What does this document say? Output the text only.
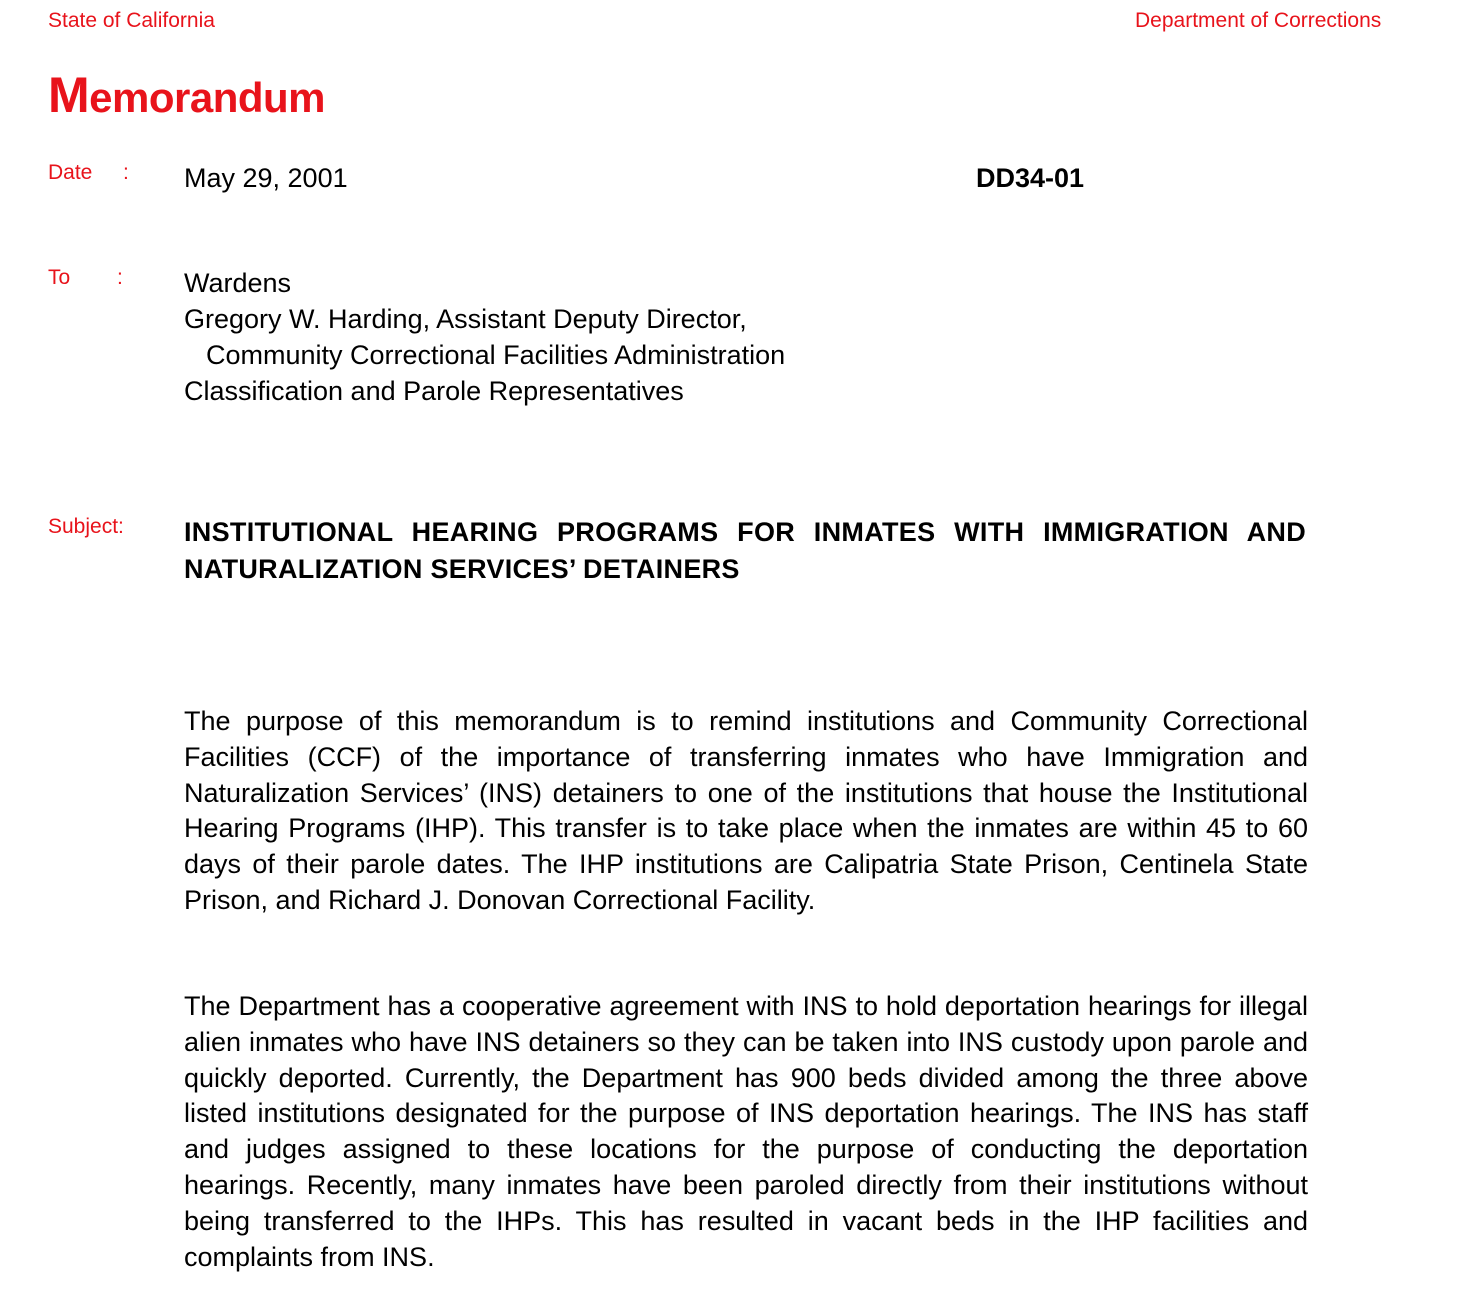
State of California	Department of Corrections
Memorandum
Date : May 29, 2001	DD34-01
To : Wardens
Gregory W. Harding, Assistant Deputy Director,
Community Correctional Facilities Administration
Classification and Parole Representatives
Subject: INSTITUTIONAL HEARING PROGRAMS FOR INMATES WITH IMMIGRATION AND NATURALIZATION SERVICES’ DETAINERS
The purpose of this memorandum is to remind institutions and Community Correctional Facilities (CCF) of the importance of transferring inmates who have Immigration and Naturalization Services’ (INS) detainers to one of the institutions that house the Institutional Hearing Programs (IHP). This transfer is to take place when the inmates are within 45 to 60 days of their parole dates. The IHP institutions are Calipatria State Prison, Centinela State Prison, and Richard J. Donovan Correctional Facility.
The Department has a cooperative agreement with INS to hold deportation hearings for illegal alien inmates who have INS detainers so they can be taken into INS custody upon parole and quickly deported. Currently, the Department has 900 beds divided among the three above listed institutions designated for the purpose of INS deportation hearings. The INS has staff and judges assigned to these locations for the purpose of conducting the deportation hearings. Recently, many inmates have been paroled directly from their institutions without being transferred to the IHPs. This has resulted in vacant beds in the IHP facilities and complaints from INS.
